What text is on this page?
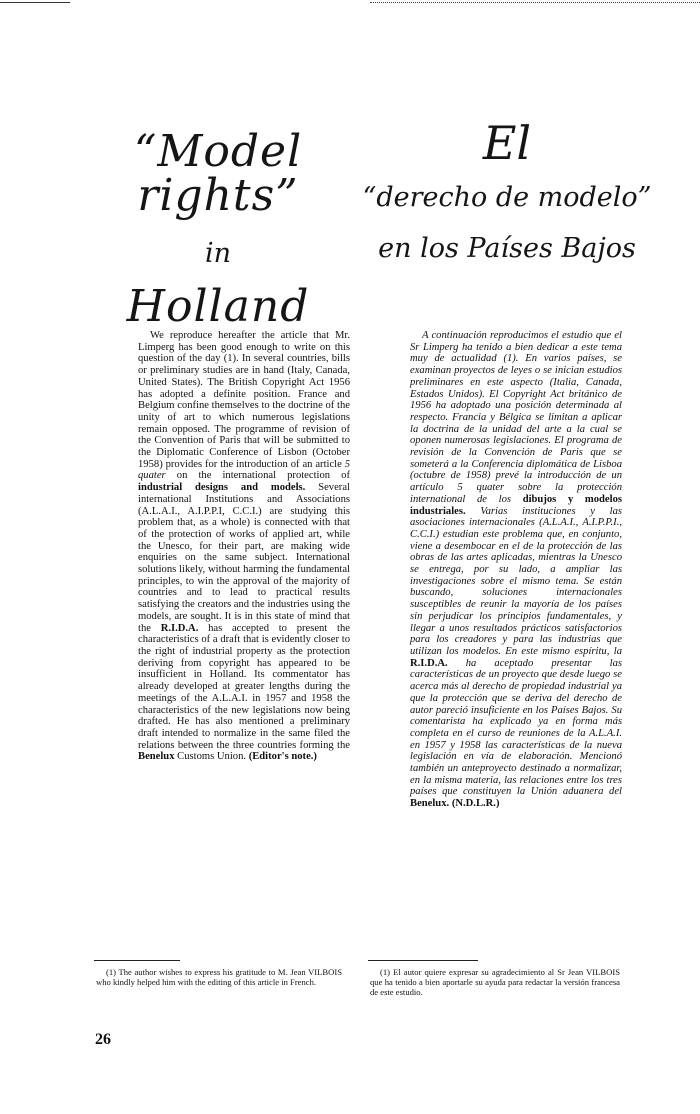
“Model rights”
in
Holland
El
“derecho de modelo”
en los Países Bajos
We reproduce hereafter the article that Mr. Limperg has been good enough to write on this question of the day (1). In several countries, bills or preliminary studies are in hand (Italy, Canada, United States). The British Copyright Act 1956 has adopted a definite position. France and Belgium confine themselves to the doctrine of the unity of art to which numerous legislations remain opposed. The programme of revision of the Convention of Paris that will be submitted to the Diplomatic Conference of Lisbon (October 1958) provides for the introduction of an article 5 quater on the international protection of industrial designs and models. Several international Institutions and Associations (A.L.A.I., A.I.P.P.I, C.C.I.) are studying this problem that, as a whole) is connected with that of the protection of works of applied art, while the Unesco, for their part, are making wide enquiries on the same subject. International solutions likely, without harming the fundamental principles, to win the approval of the majority of countries and to lead to practical results satisfying the creators and the industries using the models, are sought. It is in this state of mind that the R.I.D.A. has accepted to present the characteristics of a draft that is evidently closer to the right of industrial property as the protection deriving from copyright has appeared to be insufficient in Holland. Its commentator has already developed at greater lengths during the meetings of the A.L.A.I. in 1957 and 1958 the characteristics of the new legislations now being drafted. He has also mentioned a preliminary draft intended to normalize in the same filed the relations between the three countries forming the Benelux Customs Union. (Editor's note.)
A continuación reproducimos el estudio que el Sr Limperg ha tenido a bien dedicar a este tema muy de actualidad (1). En varios países, se examinan proyectos de leyes o se inician estudios preliminares en este aspecto (Italia, Canada, Estados Unidos). El Copyright Act británico de 1956 ha adoptado una posición determinada al respecto. Francia y Bélgica se limitan a aplicar la doctrina de la unidad del arte a la cual se oponen numerosas legislaciones. El programa de revisión de la Convención de Paris que se someterá a la Conferencia diplomática de Lisboa (octubre de 1958) prevé la introducción de un artículo 5 quater sobre la protección international de los dibujos y modelos industriales. Varias instituciones y las asociaciones internacionales (A.L.A.I., A.I.P.P.I., C.C.I.) estudian este problema que, en conjunto, viene a desembocar en el de la protección de las obras de las artes aplicadas, mientras la Unesco se entrega, por su lado, a ampliar las investigaciones sobre el mismo tema. Se están buscando, soluciones internacionales susceptibles de reunir la mayoría de los países sin perjudicar los principios fundamentales, y llegar a unos resultados prácticos satisfactorios para los creadores y para las industrias que utilizan los modelos. En este mismo espíritu, la R.I.D.A. ha aceptado presentar las características de un proyecto que desde luego se acerca más al derecho de propiedad industrial ya que la protección que se deriva del derecho de autor pareció insuficiente en los Países Bajos. Su comentarista ha explicado ya en forma más completa en el curso de reuniones de la A.L.A.I. en 1957 y 1958 las características de la nueva legislación en vía de elaboración. Mencionó también un anteproyecto destinado a normalizar, en la misma materia, las relaciones entre los tres países que constituyen la Unión aduanera del Benelux. (N.D.L.R.)
(1) The author wishes to express his gratitude to M. Jean VILBOIS who kindly helped him with the editing of this article in French.
(1) El autor quiere expresar su agradecimiento al Sr Jean VILBOIS que ha tenido a bien aportarle su ayuda para redactar la versión francesa de este estudio.
26
